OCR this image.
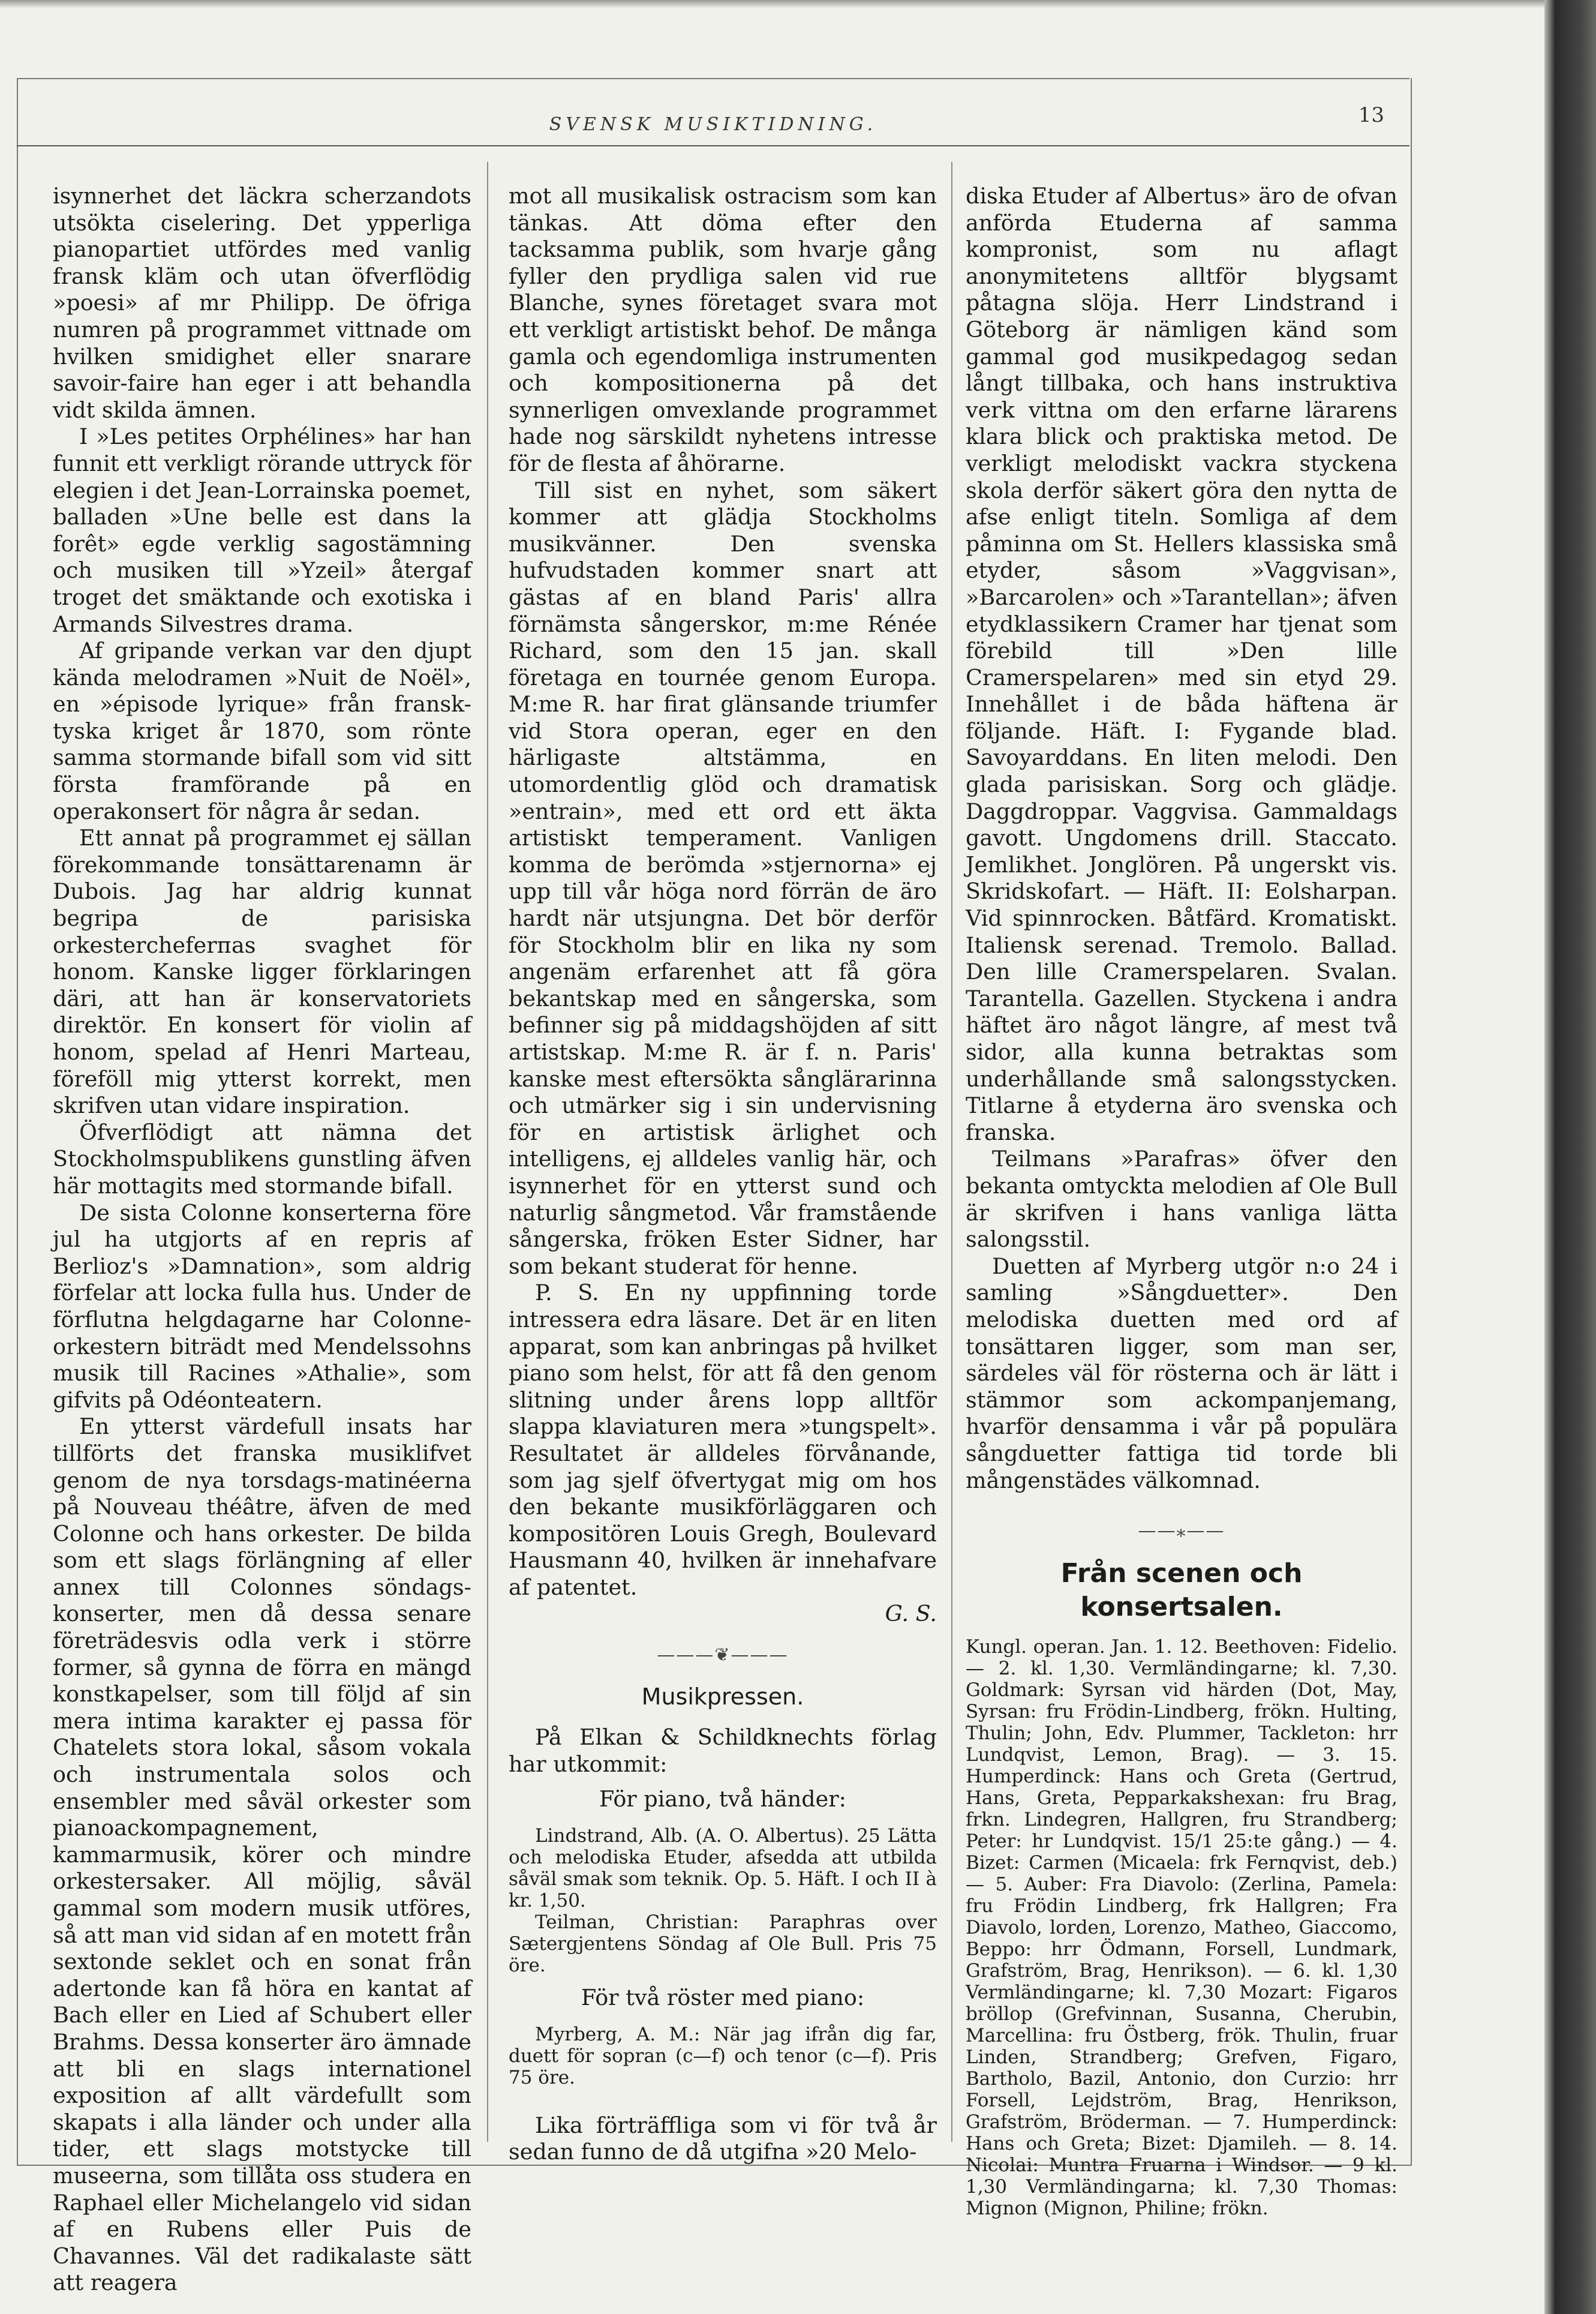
SVENSK MUSIKTIDNING.	13

isynnerhet det läckra scherzandots utsökta ciselering. Det ypperliga pianopartiet utfördes med vanlig fransk kläm och utan öfverflödig »poesi» af mr Philipp. De öfriga numren på programmet vittnade om hvilken smidighet eller snarare savoir-faire han eger i att behandla vidt skilda ämnen.

I »Les petites Orphélines» har han funnit ett verkligt rörande uttryck för elegien i det Jean-Lorrainska poemet, balladen »Une belle est dans la forêt» egde verklig sagostämning och musiken till »Yzeil» återgaf troget det smäktande och exotiska i Armands Silvestres drama.

Af gripande verkan var den djupt kända melodramen »Nuit de Noël», en »épisode lyrique» från fransk-tyska kriget år 1870, som rönte sammа stormande bifall som vid sitt första framförande på en operakonsert för några år sedan.

Ett annat på programmet ej sällan förekommande tonsättarenamn är Dubois. Jag har aldrig kunnat begripa de parisiska orkestercheferпas svaghet för honom. Kanske ligger förklaringen däri, att han är konservatoriets direktör. En konsert för violin af honom, spelad af Henri Marteau, föreföll mig ytterst korrekt, men skrifven utan vidare inspiration.

Öfverflödigt att nämna det Stockholmspublikens gunstling äfven här mottagits med stormande bifall.

De sista Colonne konserterna före jul ha utgjorts af en repris af Berlioz's »Damnation», som aldrig förfelar att locka fulla hus. Under de förflutna helgdagarne har Colonne-orkestern biträdt med Mendelssohns musik till Racines »Athalie», som gifvits på Odéonteatern.

En ytterst värdefull insats har tillförts det franska musiklifvet genom de nya torsdags-matinéerna på Nouveau théâtre, äfven de med Colonne och hans orkester. De bilda som ett slags förlängning af eller annex till Colonnes söndags-konserter, men då dessa senare företrädesvis odla verk i större former, så gynna de förra en mängd konstkapelser, som till följd af sin mera intima karakter ej passa för Chatelets stora lokal, såsom vokala och instrumentala solos och ensembler med såväl orkester som pianoackompagnement, kammarmusik, körer och mindre orkestersaker. All möjlig, såväl gammal som modern musik utföres, så att man vid sidan af en motett från sextonde seklet och en sonat från adertonde kan få höra en kantat af Bach eller en Lied af Schubert eller Brahms. Dessa konserter äro ämnade att bli en slags internationel exposition af allt värdefullt som skapats i alla länder och under alla tider, ett slags motstycke till museerna, som tillåta oss studera en Raphael eller Michelangelo vid sidan af en Rubens eller Puis de Chavannes. Väl det radikalaste sätt att reagera

mot all musikalisk ostracism som kan tänkas. Att döma efter den tacksamma publik, som hvarje gång fyller den prydliga salen vid rue Blanche, synes företaget svara mot ett verkligt artistiskt behof. De många gamla och egendomliga instrumenten och kompositionerna på det synnerligen omvexlande programmet hade nog särskildt nyhetens intresse för de flesta af åhörarne.

Till sist en nyhet, som säkert kommer att glädja Stockholms musikvänner. Den svenska hufvudstaden kommer snart att gästas af en bland Paris' allra förnämsta sångerskor, m:me Rénée Richard, som den 15 jan. skall företaga en tournée genom Europa. M:me R. har firat glänsande triumfer vid Stora operan, eger en den härligaste altstämma, en utomordentlig glöd och dramatisk »entrain», med ett ord ett äkta artistiskt temperament. Vanligen komma de berömda »stjernorna» ej upp till vår höga nord förrän de äro hardt när utsjungna. Det bör derför för Stockholm blir en lika ny som angenäm erfarenhet att få göra bekantskap med en sångerska, som befinner sig på middagshöjden af sitt artistskap. M:me R. är f. n. Paris' kanske mest eftersökta sånglärarinna och utmärker sig i sin undervisning för en artistisk ärlighet och intelligens, ej alldeles vanlig här, och isynnerhet för en ytterst sund och naturlig sångmetod. Vår framstående sångerska, fröken Ester Sidner, har som bekant studerat för henne.

P. S. En ny uppfinning torde intressera edra läsare. Det är en liten apparat, som kan anbringas på hvilket piano som helst, för att få den genom slitning under årens lopp alltför slappa klaviaturen mera »tungspelt». Resultatet är alldeles förvånande, som jag sjelf öfvertygat mig om hos den bekante musikförläggaren och kompositören Louis Gregh, Boulevard Hausmann 40, hvilken är innehafvare af patentet.

G. S.

———❦———
Musikpressen.

På Elkan & Schildknechts förlag har utkommit:

För piano, två händer:

Lindstrand, Alb. (A. O. Albertus). 25 Lätta och melodiska Etuder, afsedda att utbilda såväl smak som teknik. Op. 5. Häft. I och II à kr. 1,50.

Teilman, Christian: Paraphras over Sætergjentens Söndag af Ole Bull. Pris 75 öre.

För två röster med piano:

Myrberg, A. M.: När jag ifrån dig far, duett för sopran (c—f) och tenor (c—f). Pris 75 öre.

Lika förträffliga som vi för två år sedan funno de då utgifna »20 Melo-

diska Etuder af Albertus» äro de ofvan anförda Etuderna af samma kompronist, som nu aflagt anonymitetens alltför blygsamt påtagna slöja. Herr Lindstrand i Göteborg är nämligen känd som gammal god musikpedagog sedan långt tillbaka, och hans instruktiva verk vittna om den erfarne lärarens klara blick och praktiska metod. De verkligt melodiskt vackra styckena skola derför säkert göra den nytta de afse enligt titeln. Somliga af dem påminna om St. Hellers klassiska små etyder, såsom »Vaggvisan», »Barcarolen» och »Tarantellan»; äfven etydklassikern Cramer har tjenat som förebild till »Den lille Cramerspelaren» med sin etyd 29. Innehållet i de båda häftena är följande. Häft. I: Fygande blad. Savoyarddans. En liten melodi. Den glada parisiskan. Sorg och glädje. Daggdroppar. Vaggvisa. Gammaldags gavott. Ungdomens drill. Staccato. Jemlikhet. Jonglören. På ungerskt vis. Skridskofart. — Häft. II: Eolsharpan. Vid spinnrocken. Båtfärd. Kromatiskt. Italiensk serenad. Tremolo. Ballad. Den lille Cramerspelaren. Svalan. Tarantella. Gazellen. Styckena i andra häftet äro något längre, af mest två sidor, alla kunna betraktas som underhållande små salongsstycken. Titlarne å etyderna äro svenska och franska.

Teilmans »Parafras» öfver den bekanta omtyckta melodien af Ole Bull är skrifven i hans vanliga lätta salongsstil.

Duetten af Myrberg utgör n:o 24 i samling »Sångduetter». Den melodiska duetten med ord af tonsättaren ligger, som man ser, särdeles väl för rösterna och är lätt i stämmor som ackompanjemang, hvarför densamma i vår på populära sångduetter fattiga tid torde bli mångenstädes välkomnad.

——⁎——
Från scenen och konsertsalen.

Kungl. operan. Jan. 1. 12. Beethoven: Fidelio. — 2. kl. 1,30. Vermländingarne; kl. 7,30. Goldmark: Syrsan vid härden (Dot, May, Syrsan: fru Frödin-Lindberg, frökn. Hulting, Thulin; John, Edv. Plummer, Tackleton: hrr Lundqvist, Lemon, Brag). — 3. 15. Humperdinck: Hans och Greta (Gertrud, Hans, Greta, Pepparkakshexan: fru Brag, frkn. Lindegren, Hallgren, fru Strandberg; Peter: hr Lundqvist. 15/1 25:te gång.) — 4. Bizet: Carmen (Micaela: frk Fernqvist, deb.) — 5. Auber: Fra Diavolo: (Zerlina, Pamela: fru Frödin Lindberg, frk Hallgren; Fra Diavolo, lorden, Lorenzo, Matheo, Giaccomo, Beppo: hrr Ödmann, Forsell, Lundmark, Grafström, Brag, Henrikson). — 6. kl. 1,30 Vermländingarne; kl. 7,30 Mozart: Figaros bröllop (Grefvinnan, Susanna, Cherubin, Marcellina: fru Östberg, frök. Thulin, fruar Linden, Strandberg; Grefven, Figaro, Bartholo, Bazil, Antonio, don Curzio: hrr Forsell, Lejdström, Brag, Henrikson, Grafström, Bröderman. — 7. Humperdinck: Hans och Greta; Bizet: Djamileh. — 8. 14. Nicolai: Muntra Fruarna i Windsor. — 9 kl. 1,30 Vermländingarna; kl. 7,30 Thomas: Mignon (Mignon, Philine; frökn.
